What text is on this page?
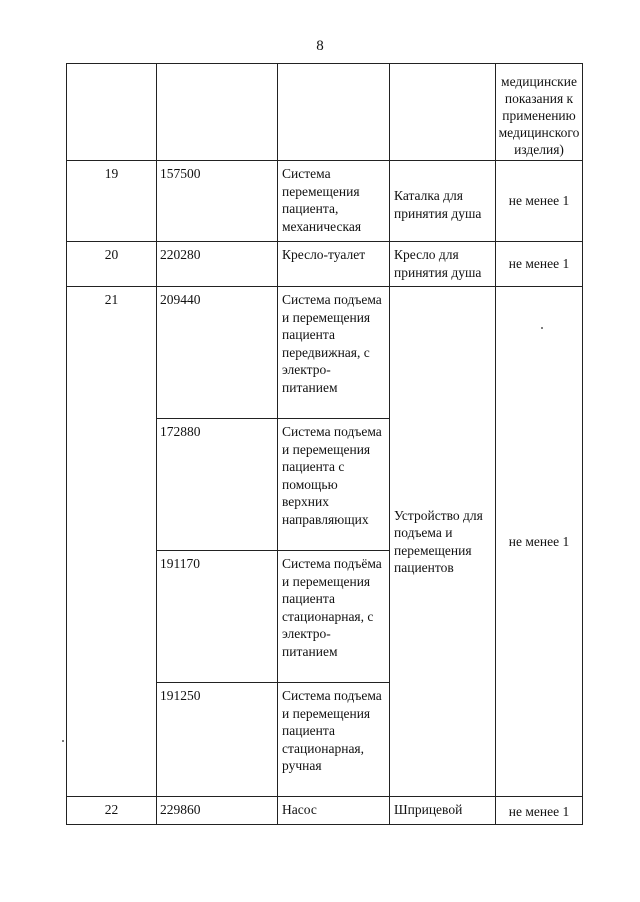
8

				медицинские показания к применению медицинского изделия)

19	157500	Система перемещения пациента, механическая	Каталка для принятия душа	не менее 1
20	220280	Кресло-туалет	Кресло для принятия душа	не менее 1
21	209440	Система подъема и перемещения пациента передвижная, с электро-питанием	Устройство для подъема и перемещения пациентов	не менее 1
	172880	Система подъема и перемещения пациента с помощью верхних направляющих		
	191170	Система подъёма и перемещения пациента стационарная, с электро-питанием		
	191250	Система подъема и перемещения пациента стационарная, ручная		
22	229860	Насос	Шприцевой	не менее 1
